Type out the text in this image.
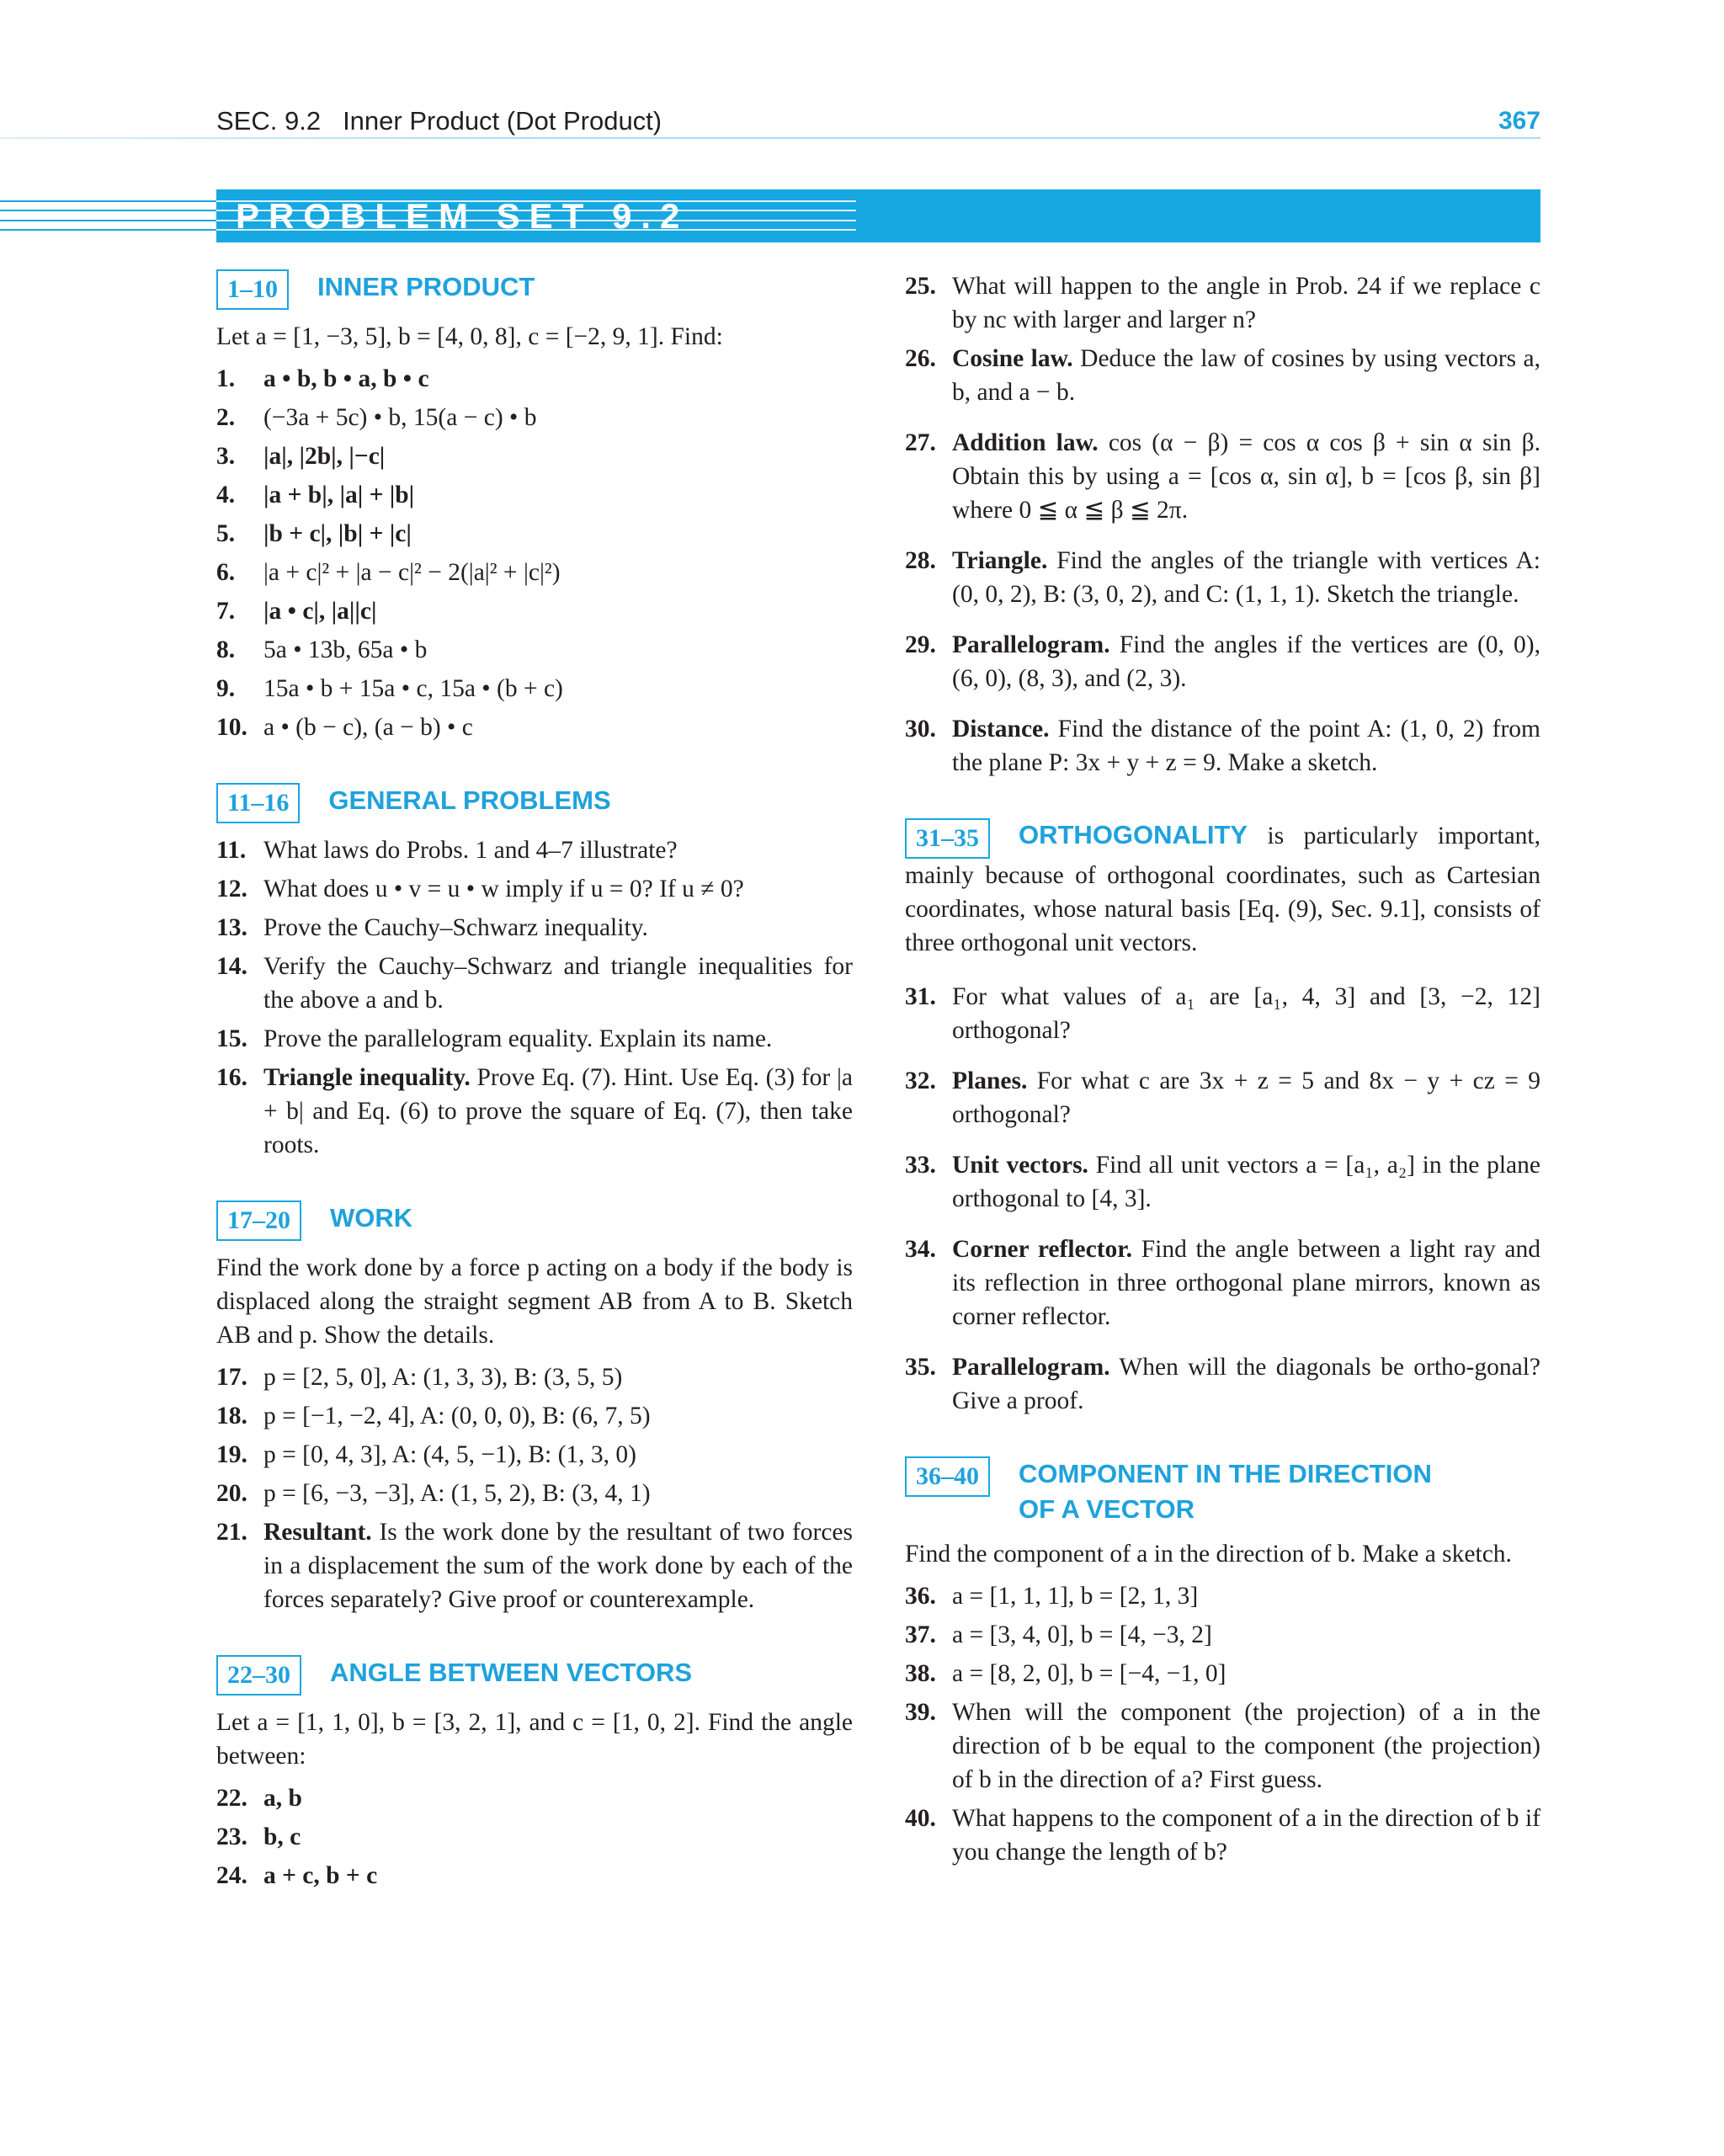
SEC. 9.2 Inner Product (Dot Product)	367
PROBLEM SET 9.2
1–10	INNER PRODUCT
Let a = [1, −3, 5], b = [4, 0, 8], c = [−2, 9, 1]. Find:
1.	a • b, b • a, b • c
2.	(−3a + 5c) • b, 15(a − c) • b
3.	|a|, |2b|, |−c|
4.	|a + b|, |a| + |b|
5.	|b + c|, |b| + |c|
6.	|a + c|² + |a − c|² − 2(|a|² + |c|²)
7.	|a • c|, |a||c|
8.	5a • 13b, 65a • b
9.	15a • b + 15a • c, 15a • (b + c)
10. a • (b − c), (a − b) • c
11–16	GENERAL PROBLEMS
11. What laws do Probs. 1 and 4–7 illustrate?
12. What does u • v = u • w imply if u = 0? If u ≠ 0?
13. Prove the Cauchy–Schwarz inequality.
14. Verify the Cauchy–Schwarz and triangle inequalities for the above a and b.
15. Prove the parallelogram equality. Explain its name.
16. Triangle inequality. Prove Eq. (7). Hint. Use Eq. (3) for |a + b| and Eq. (6) to prove the square of Eq. (7), then take roots.
17–20	WORK
Find the work done by a force p acting on a body if the body is displaced along the straight segment AB from A to B. Sketch AB and p. Show the details.
17. p = [2, 5, 0], A: (1, 3, 3), B: (3, 5, 5)
18. p = [−1, −2, 4], A: (0, 0, 0), B: (6, 7, 5)
19. p = [0, 4, 3], A: (4, 5, −1), B: (1, 3, 0)
20. p = [6, −3, −3], A: (1, 5, 2), B: (3, 4, 1)
21. Resultant. Is the work done by the resultant of two forces in a displacement the sum of the work done by each of the forces separately? Give proof or counterexample.
22–30	ANGLE BETWEEN VECTORS
Let a = [1, 1, 0], b = [3, 2, 1], and c = [1, 0, 2]. Find the angle between:
22. a, b
23. b, c
24. a + c, b + c
25. What will happen to the angle in Prob. 24 if we replace c by nc with larger and larger n?
26. Cosine law. Deduce the law of cosines by using vectors a, b, and a − b.
27. Addition law. cos (α − β) = cos α cos β + sin α sin β. Obtain this by using a = [cos α, sin α], b = [cos β, sin β] where 0 ≦ α ≦ β ≦ 2π.
28. Triangle. Find the angles of the triangle with vertices A: (0, 0, 2), B: (3, 0, 2), and C: (1, 1, 1). Sketch the triangle.
29. Parallelogram. Find the angles if the vertices are (0, 0), (6, 0), (8, 3), and (2, 3).
30. Distance. Find the distance of the point A: (1, 0, 2) from the plane P: 3x + y + z = 9. Make a sketch.
31–35 ORTHOGONALITY is particularly important, mainly because of orthogonal coordinates, such as Cartesian coordinates, whose natural basis [Eq. (9), Sec. 9.1], consists of three orthogonal unit vectors.
31. For what values of a₁ are [a₁, 4, 3] and [3, −2, 12] orthogonal?
32. Planes. For what c are 3x + z = 5 and 8x − y + cz = 9 orthogonal?
33. Unit vectors. Find all unit vectors a = [a₁, a₂] in the plane orthogonal to [4, 3].
34. Corner reflector. Find the angle between a light ray and its reflection in three orthogonal plane mirrors, known as corner reflector.
35. Parallelogram. When will the diagonals be ortho-gonal? Give a proof.
36–40	COMPONENT IN THE DIRECTION
OF A VECTOR
Find the component of a in the direction of b. Make a sketch.
36. a = [1, 1, 1], b = [2, 1, 3]
37. a = [3, 4, 0], b = [4, −3, 2]
38. a = [8, 2, 0], b = [−4, −1, 0]
39. When will the component (the projection) of a in the direction of b be equal to the component (the projection) of b in the direction of a? First guess.
40. What happens to the component of a in the direction of b if you change the length of b?
